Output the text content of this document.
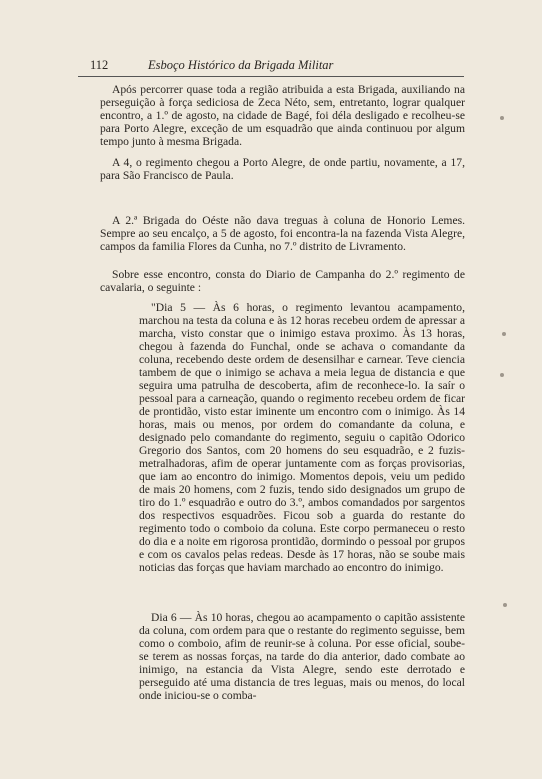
112	Esboço Histórico da Brigada Militar

Após percorrer quase toda a região atribuida a esta Brigada, auxiliando na perseguição à força sediciosa de Zeca Néto, sem, entretanto, lograr qualquer encontro, a 1.º de agosto, na cidade de Bagé, foi déla desligado e recolheu-se para Porto Alegre, exceção de um esquadrão que ainda continuou por algum tempo junto à mesma Brigada.

A 4, o regimento chegou a Porto Alegre, de onde partiu, novamente, a 17, para São Francisco de Paula.

A 2.ª Brigada do Oéste não dava treguas à coluna de Honorio Lemes. Sempre ao seu encalço, a 5 de agosto, foi encontra-la na fazenda Vista Alegre, campos da familia Flores da Cunha, no 7.º distrito de Livramento.

Sobre esse encontro, consta do Diario de Campanha do 2.º regimento de cavalaria, o seguinte :

"Dia 5 — Às 6 horas, o regimento levantou acampamento, marchou na testa da coluna e às 12 horas recebeu ordem de apressar a marcha, visto constar que o inimigo estava proximo. Às 13 horas, chegou à fazenda do Funchal, onde se achava o comandante da coluna, recebendo deste ordem de desensilhar e carnear. Teve ciencia tambem de que o inimigo se achava a meia legua de distancia e que seguira uma patrulha de descoberta, afim de reconhece-lo. Ia saír o pessoal para a carneação, quando o regimento recebeu ordem de ficar de prontidão, visto estar iminente um encontro com o inimigo. Às 14 horas, mais ou menos, por ordem do comandante da coluna, e designado pelo comandante do regimento, seguiu o capitão Odorico Gregorio dos Santos, com 20 homens do seu esquadrão, e 2 fuzis-metralhadoras, afim de operar juntamente com as forças provisorias, que iam ao encontro do inimigo. Momentos depois, veiu um pedido de mais 20 homens, com 2 fuzis, tendo sido designados um grupo de tiro do 1.º esquadrão e outro do 3.º, ambos comandados por sargentos dos respectivos esquadrões. Ficou sob a guarda do restante do regimento todo o comboio da coluna. Este corpo permaneceu o resto do dia e a noite em rigorosa prontidão, dormindo o pessoal por grupos e com os cavalos pelas redeas. Desde às 17 horas, não se soube mais noticias das forças que haviam marchado ao encontro do inimigo.

Dia 6 — Às 10 horas, chegou ao acampamento o capitão assistente da coluna, com ordem para que o restante do regimento seguisse, bem como o comboio, afim de reunir-se à coluna. Por esse oficial, soube-se terem as nossas forças, na tarde do dia anterior, dado combate ao inimigo, na estancia da Vista Alegre, sendo este derrotado e perseguido até uma distancia de tres leguas, mais ou menos, do local onde iniciou-se o comba-
